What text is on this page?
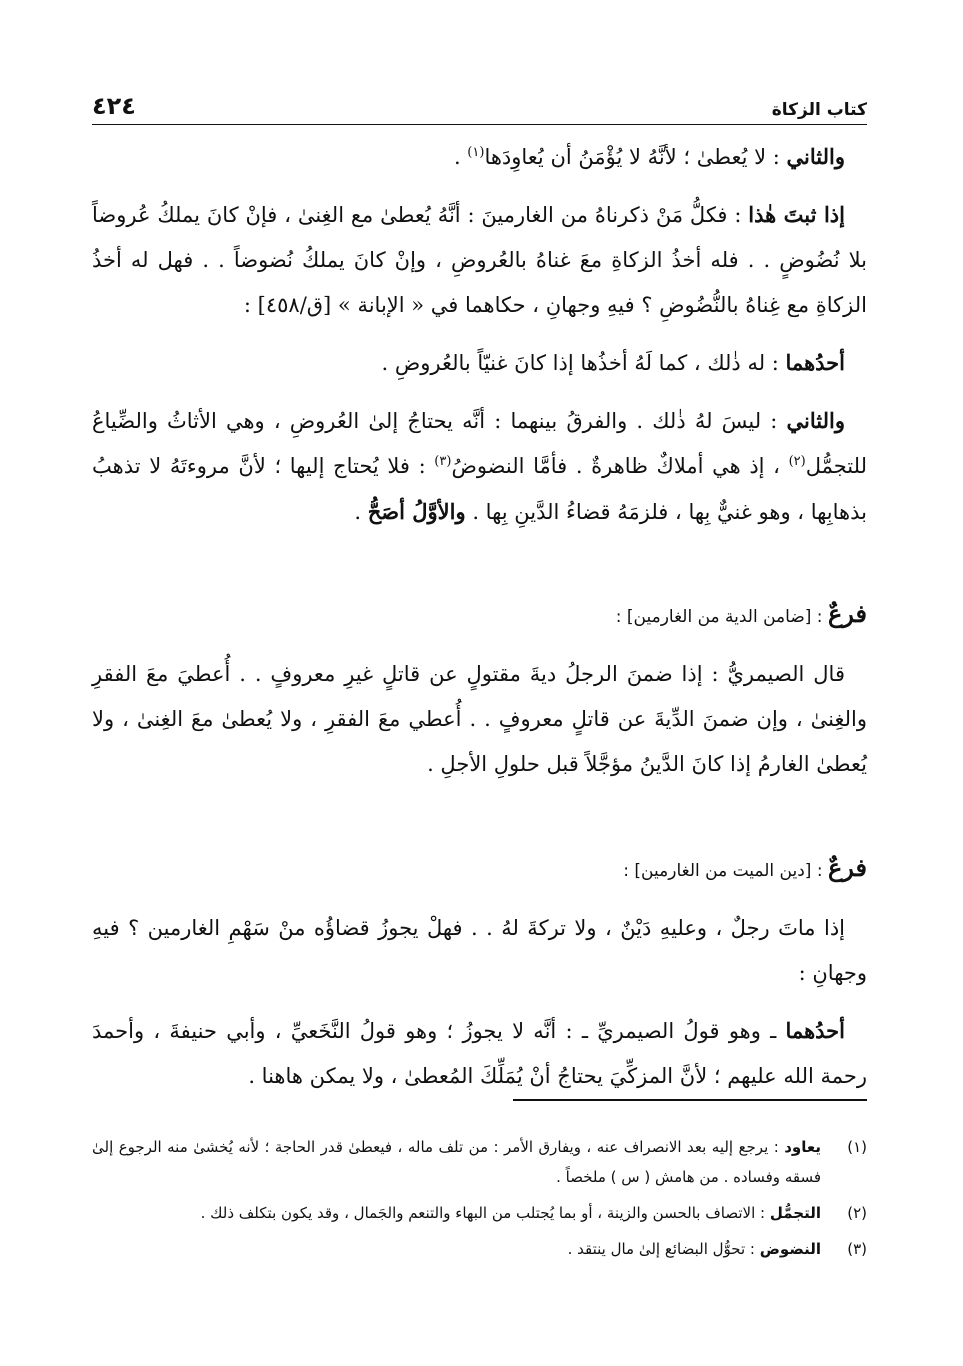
كتاب الزكاة
٤٢٤

والثاني : لا يُعطىٰ ؛ لأنَّهُ لا يُؤْمَنُ أن يُعاوِدَها$^{(١)}$ .

إذا ثبتَ هٰذا : فكلُّ مَنْ ذكرناهُ من الغارمينَ : أنَّهُ يُعطىٰ مع الغِنىٰ ، فإنْ كانَ يملكُ عُروضاً بلا نُضُوضٍ . . فله أخذُ الزكاةِ معَ غناهُ بالعُروضِ ، وإنْ كانَ يملكُ نُضوضاً . . فهل له أخذُ الزكاةِ مع غِناهُ بالنُّضُوضِ ؟ فيهِ وجهانِ ، حكاهما في « الإبانة » [ق/٤٥٨] :

أحدُهما : له ذٰلك ، كما لَهُ أخذُها إذا كانَ غنيّاً بالعُروضِ .

والثاني : ليسَ لهُ ذٰلك . والفرقُ بينهما : أنَّه يحتاجُ إلىٰ العُروضِ ، وهي الأثاثُ والضِّياعُ للتجمُّل$^{(٢)}$ ، إذ هي أملاكٌ ظاهرةٌ . فأمَّا النضوضُ$^{(٣)}$ : فلا يُحتاج إليها ؛ لأنَّ مروءتَهُ لا تذهبُ بذهابِها ، وهو غنيٌّ بِها ، فلزمَهُ قضاءُ الدَّينِ بِها . والأوَّلُ أصَحُّ .

فرعٌ : [ضامن الدية من الغارمين] :

قال الصيمريُّ : إذا ضمنَ الرجلُ ديةَ مقتولٍ عن قاتلٍ غيرِ معروفٍ . . أُعطيَ معَ الفقرِ والغِنىٰ ، وإن ضمنَ الدِّيةَ عن قاتلٍ معروفٍ . . أُعطي معَ الفقرِ ، ولا يُعطىٰ معَ الغِنىٰ ، ولا يُعطىٰ الغارمُ إذا كانَ الدَّينُ مؤجَّلاً قبل حلولِ الأجلِ .

فرعٌ : [دين الميت من الغارمين] :

إذا ماتَ رجلٌ ، وعليهِ دَيْنٌ ، ولا تركةَ لهُ . . فهلْ يجوزُ قضاؤُه منْ سَهْمِ الغارمين ؟ فيهِ وجهانِ :

أحدُهما ـ وهو قولُ الصيمريِّ ـ : أنَّه لا يجوزُ ؛ وهو قولُ النَّخَعيِّ ، وأبي حنيفةَ ، وأحمدَ رحمة الله عليهم ؛ لأنَّ المزكِّيَ يحتاجُ أنْ يُمَلِّكَ المُعطىٰ ، ولا يمكن هاهنا .

(١)
يعاود : يرجع إليه بعد الانصراف عنه ، ويفارق الأمر : من تلف ماله ، فيعطىٰ قدر الحاجة ؛ لأنه يُخشىٰ منه الرجوع إلىٰ فسقه وفساده . من هامش ( س ) ملخصاً .
(٢)
التجمُّل : الاتصاف بالحسن والزينة ، أو بما يُجتلب من البهاء والتنعم والجَمال ، وقد يكون بتكلف ذلك .
(٣)
النضوض : تحوُّل البضائع إلىٰ مال ينتقد .
